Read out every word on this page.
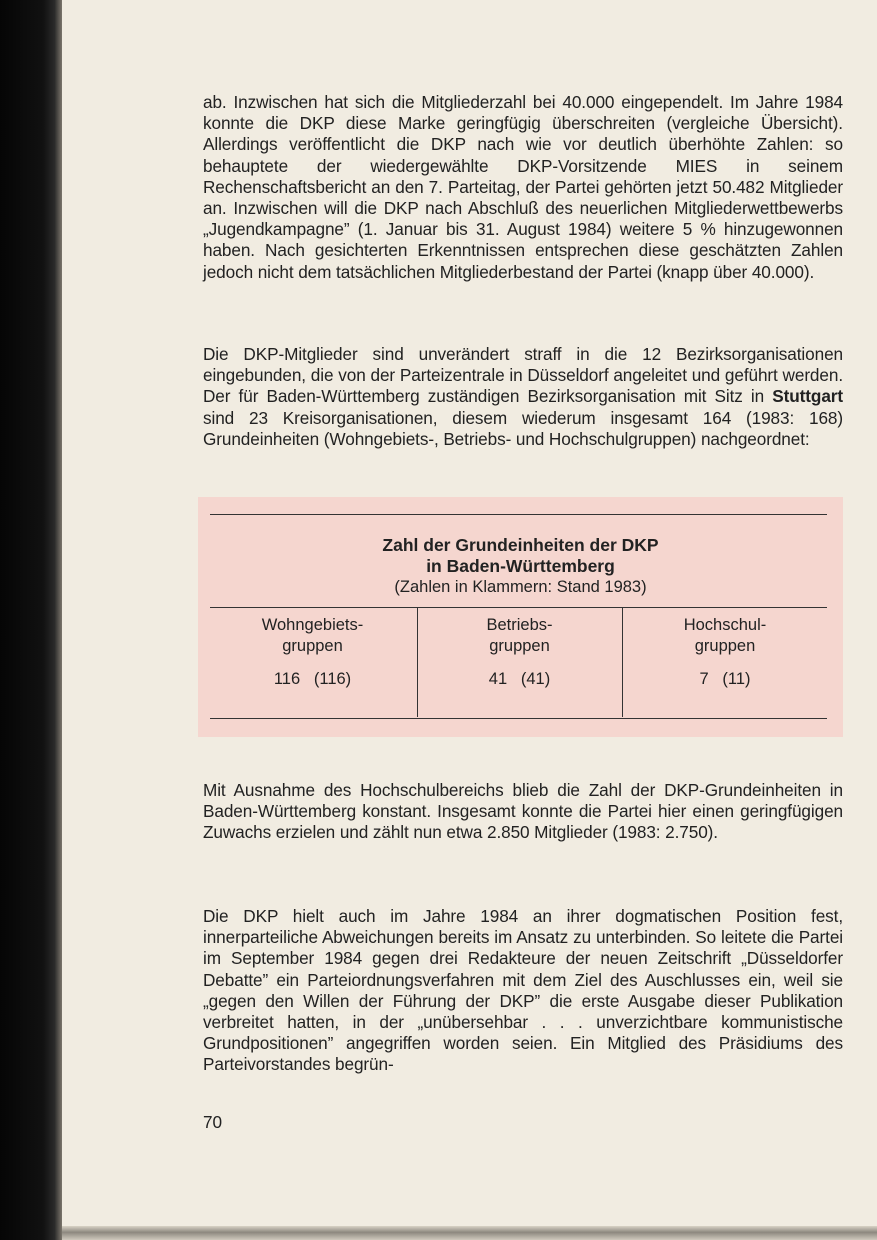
ab. Inzwischen hat sich die Mitgliederzahl bei 40.000 eingependelt. Im Jahre 1984 konnte die DKP diese Marke geringfügig überschreiten (vergleiche Übersicht). Allerdings veröffentlicht die DKP nach wie vor deutlich überhöhte Zahlen: so behauptete der wiedergewählte DKP-Vorsitzende MIES in seinem Rechenschaftsbericht an den 7. Parteitag, der Partei gehörten jetzt 50.482 Mitglieder an. Inzwischen will die DKP nach Abschluß des neuerlichen Mitgliederwettbewerbs „Jugendkampagne” (1. Januar bis 31. August 1984) weitere 5 % hinzugewonnen haben. Nach gesichterten Erkenntnissen entsprechen diese geschätzten Zahlen jedoch nicht dem tatsächlichen Mitgliederbestand der Partei (knapp über 40.000).

Die DKP-Mitglieder sind unverändert straff in die 12 Bezirksorganisationen eingebunden, die von der Parteizentrale in Düsseldorf angeleitet und geführt werden. Der für Baden-Württemberg zuständigen Bezirksorganisation mit Sitz in Stuttgart sind 23 Kreisorganisationen, diesem wiederum insgesamt 164 (1983: 168) Grundeinheiten (Wohngebiets-, Betriebs- und Hochschulgruppen) nachgeordnet:

Zahl der Grundeinheiten der DKP
in Baden-Württemberg
(Zahlen in Klammern: Stand 1983)
Wohngebiets-
gruppen
116   (116)
Betriebs-
gruppen
41   (41)
Hochschul-
gruppen
7   (11)

Mit Ausnahme des Hochschulbereichs blieb die Zahl der DKP-Grundeinheiten in Baden-Württemberg konstant. Insgesamt konnte die Partei hier einen geringfügigen Zuwachs erzielen und zählt nun etwa 2.850 Mitglieder (1983: 2.750).

Die DKP hielt auch im Jahre 1984 an ihrer dogmatischen Position fest, innerparteiliche Abweichungen bereits im Ansatz zu unterbinden. So leitete die Partei im September 1984 gegen drei Redakteure der neuen Zeitschrift „Düsseldorfer Debatte” ein Parteiordnungsverfahren mit dem Ziel des Auschlusses ein, weil sie „gegen den Willen der Führung der DKP” die erste Ausgabe dieser Publikation verbreitet hatten, in der „unübersehbar . . . unverzichtbare kommunistische Grundpositionen” angegriffen worden seien. Ein Mitglied des Präsidiums des Parteivorstandes begrün-

70
